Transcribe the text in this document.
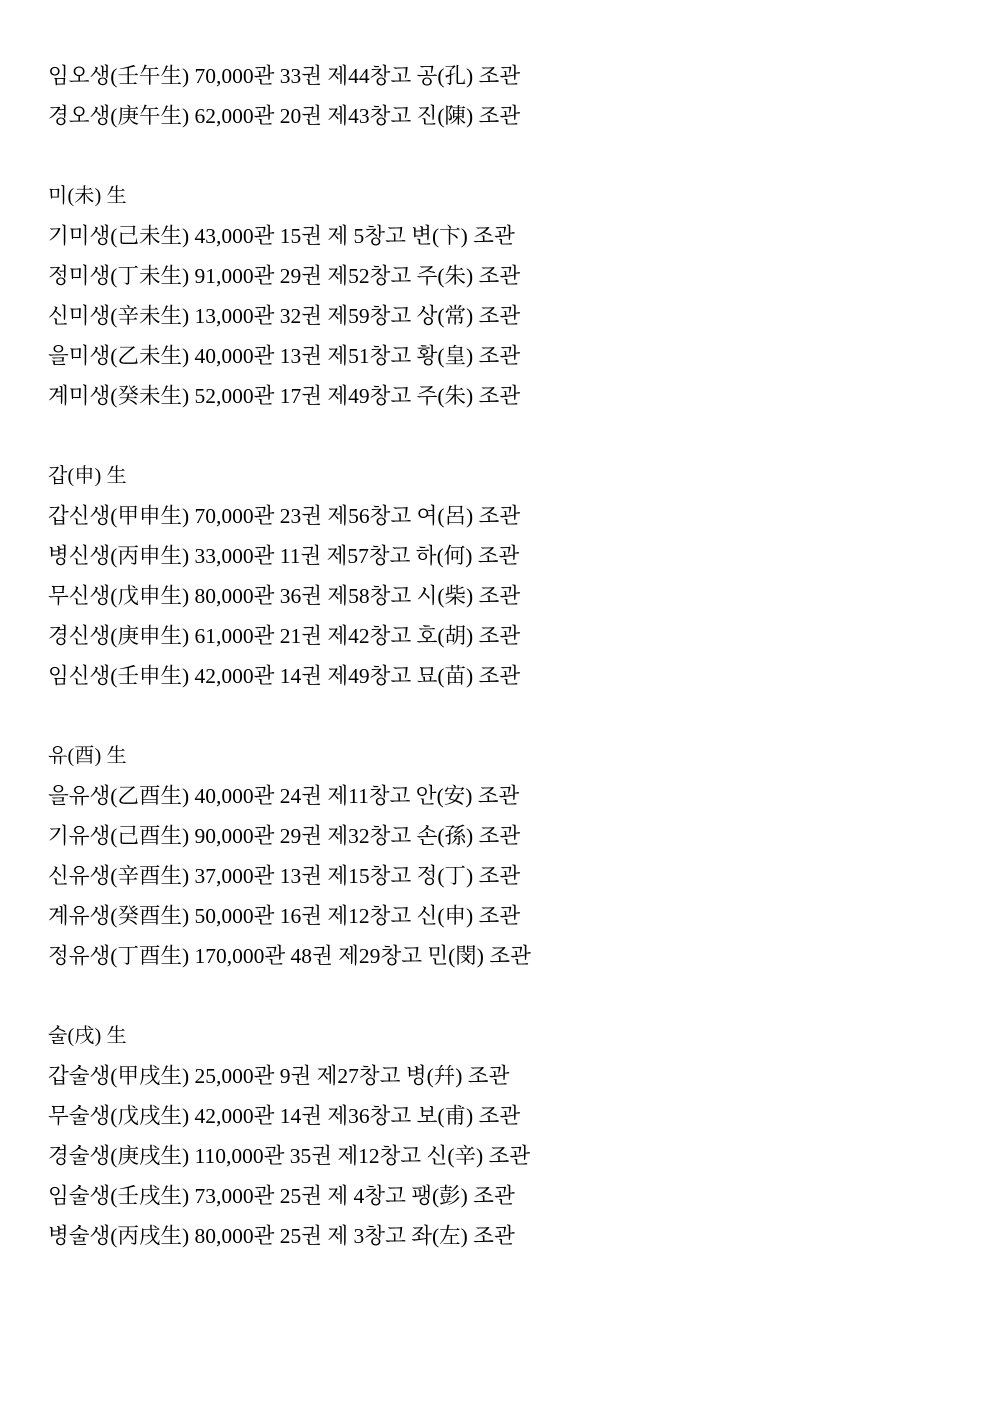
임오생(壬午生) 70,000관 33권 제44창고 공(孔) 조관
경오생(庚午生) 62,000관 20권 제43창고 진(陳) 조관
미(未) 生
기미생(己未生) 43,000관 15권 제 5창고 변(卞) 조관
정미생(丁未生) 91,000관 29권 제52창고 주(朱) 조관
신미생(辛未生) 13,000관 32권 제59창고 상(常) 조관
을미생(乙未生) 40,000관 13권 제51창고 황(皇) 조관
계미생(癸未生) 52,000관 17권 제49창고 주(朱) 조관
갑(申) 生
갑신생(甲申生) 70,000관 23권 제56창고 여(呂) 조관
병신생(丙申生) 33,000관 11권 제57창고 하(何) 조관
무신생(戊申生) 80,000관 36권 제58창고 시(柴) 조관
경신생(庚申生) 61,000관 21권 제42창고 호(胡) 조관
임신생(壬申生) 42,000관 14권 제49창고 묘(苗) 조관
유(酉) 生
을유생(乙酉生) 40,000관 24권 제11창고 안(安) 조관
기유생(己酉生) 90,000관 29권 제32창고 손(孫) 조관
신유생(辛酉生) 37,000관 13권 제15창고 정(丁) 조관
계유생(癸酉生) 50,000관 16권 제12창고 신(申) 조관
정유생(丁酉生) 170,000관 48권 제29창고 민(閔) 조관
술(戌) 生
갑술생(甲戌生) 25,000관 9권 제27창고 병(幷) 조관
무술생(戊戌生) 42,000관 14권 제36창고 보(甫) 조관
경술생(庚戌生) 110,000관 35권 제12창고 신(辛) 조관
임술생(壬戌生) 73,000관 25권 제 4창고 팽(彭) 조관
병술생(丙戌生) 80,000관 25권 제 3창고 좌(左) 조관
